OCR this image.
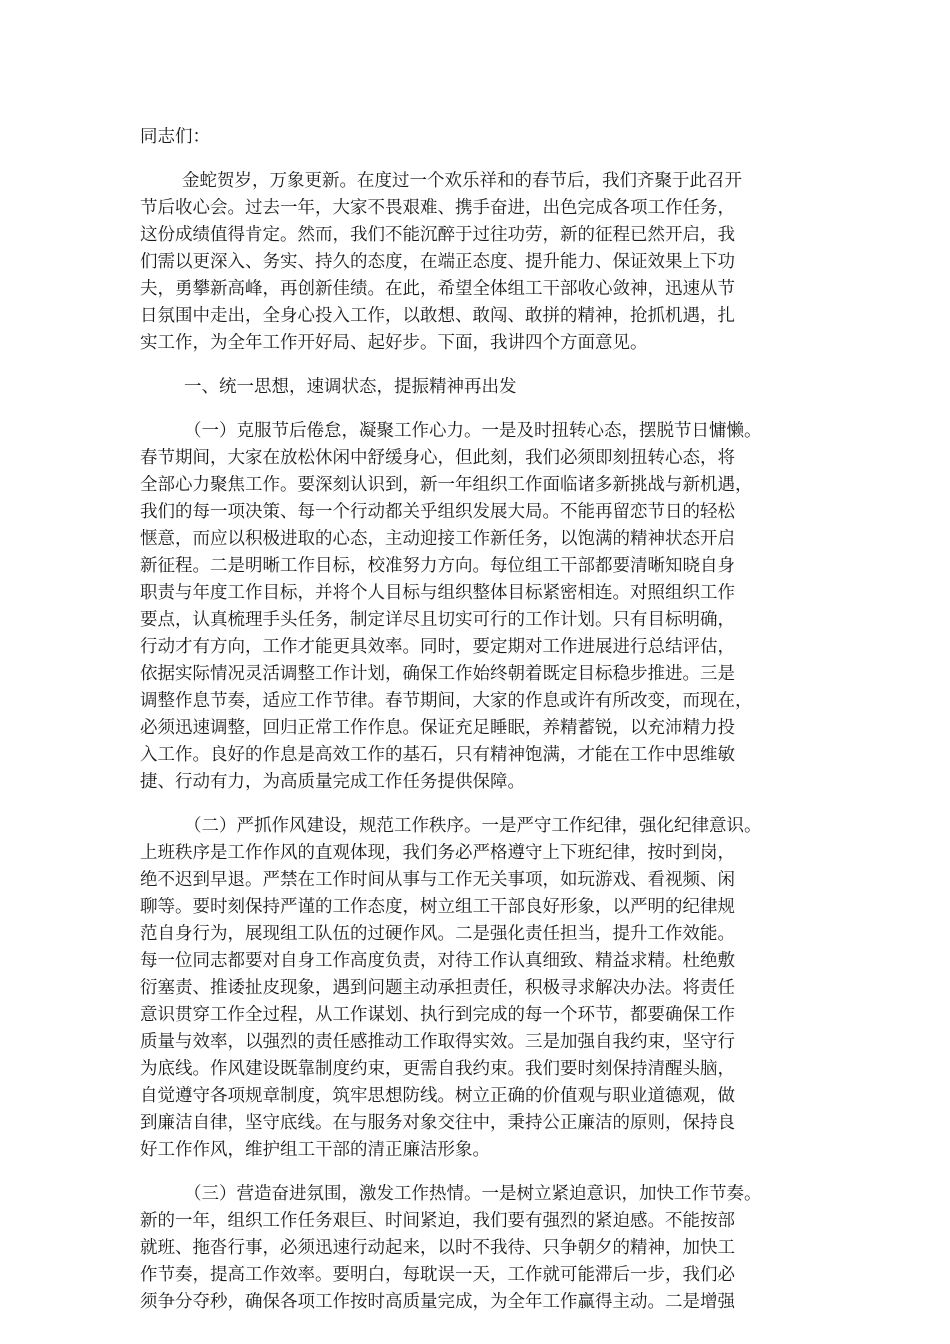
同志们：
金蛇贺岁，万象更新。在度过一个欢乐祥和的春节后，我们齐聚于此召开
节后收心会。过去一年，大家不畏艰难、携手奋进，出色完成各项工作任务，
这份成绩值得肯定。然而，我们不能沉醉于过往功劳，新的征程已然开启，我
们需以更深入、务实、持久的态度，在端正态度、提升能力、保证效果上下功
夫，勇攀新高峰，再创新佳绩。在此，希望全体组工干部收心敛神，迅速从节
日氛围中走出，全身心投入工作，以敢想、敢闯、敢拼的精神，抢抓机遇，扎
实工作，为全年工作开好局、起好步。下面，我讲四个方面意见。
一、统一思想，速调状态，提振精神再出发
（一）克服节后倦怠，凝聚工作心力。一是及时扭转心态，摆脱节日慵懒。
春节期间，大家在放松休闲中舒缓身心，但此刻，我们必须即刻扭转心态，将
全部心力聚焦工作。要深刻认识到，新一年组织工作面临诸多新挑战与新机遇，
我们的每一项决策、每一个行动都关乎组织发展大局。不能再留恋节日的轻松
惬意，而应以积极进取的心态，主动迎接工作新任务，以饱满的精神状态开启
新征程。二是明晰工作目标，校准努力方向。每位组工干部都要清晰知晓自身
职责与年度工作目标，并将个人目标与组织整体目标紧密相连。对照组织工作
要点，认真梳理手头任务，制定详尽且切实可行的工作计划。只有目标明确，
行动才有方向，工作才能更具效率。同时，要定期对工作进展进行总结评估，
依据实际情况灵活调整工作计划，确保工作始终朝着既定目标稳步推进。三是
调整作息节奏，适应工作节律。春节期间，大家的作息或许有所改变，而现在，
必须迅速调整，回归正常工作作息。保证充足睡眠，养精蓄锐，以充沛精力投
入工作。良好的作息是高效工作的基石，只有精神饱满，才能在工作中思维敏
捷、行动有力，为高质量完成工作任务提供保障。
（二）严抓作风建设，规范工作秩序。一是严守工作纪律，强化纪律意识。
上班秩序是工作作风的直观体现，我们务必严格遵守上下班纪律，按时到岗，
绝不迟到早退。严禁在工作时间从事与工作无关事项，如玩游戏、看视频、闲
聊等。要时刻保持严谨的工作态度，树立组工干部良好形象，以严明的纪律规
范自身行为，展现组工队伍的过硬作风。二是强化责任担当，提升工作效能。
每一位同志都要对自身工作高度负责，对待工作认真细致、精益求精。杜绝敷
衍塞责、推诿扯皮现象，遇到问题主动承担责任，积极寻求解决办法。将责任
意识贯穿工作全过程，从工作谋划、执行到完成的每一个环节，都要确保工作
质量与效率，以强烈的责任感推动工作取得实效。三是加强自我约束，坚守行
为底线。作风建设既靠制度约束，更需自我约束。我们要时刻保持清醒头脑，
自觉遵守各项规章制度，筑牢思想防线。树立正确的价值观与职业道德观，做
到廉洁自律，坚守底线。在与服务对象交往中，秉持公正廉洁的原则，保持良
好工作作风，维护组工干部的清正廉洁形象。
（三）营造奋进氛围，激发工作热情。一是树立紧迫意识，加快工作节奏。
新的一年，组织工作任务艰巨、时间紧迫，我们要有强烈的紧迫感。不能按部
就班、拖沓行事，必须迅速行动起来，以时不我待、只争朝夕的精神，加快工
作节奏，提高工作效率。要明白，每耽误一天，工作就可能滞后一步，我们必
须争分夺秒，确保各项工作按时高质量完成，为全年工作赢得主动。二是增强
